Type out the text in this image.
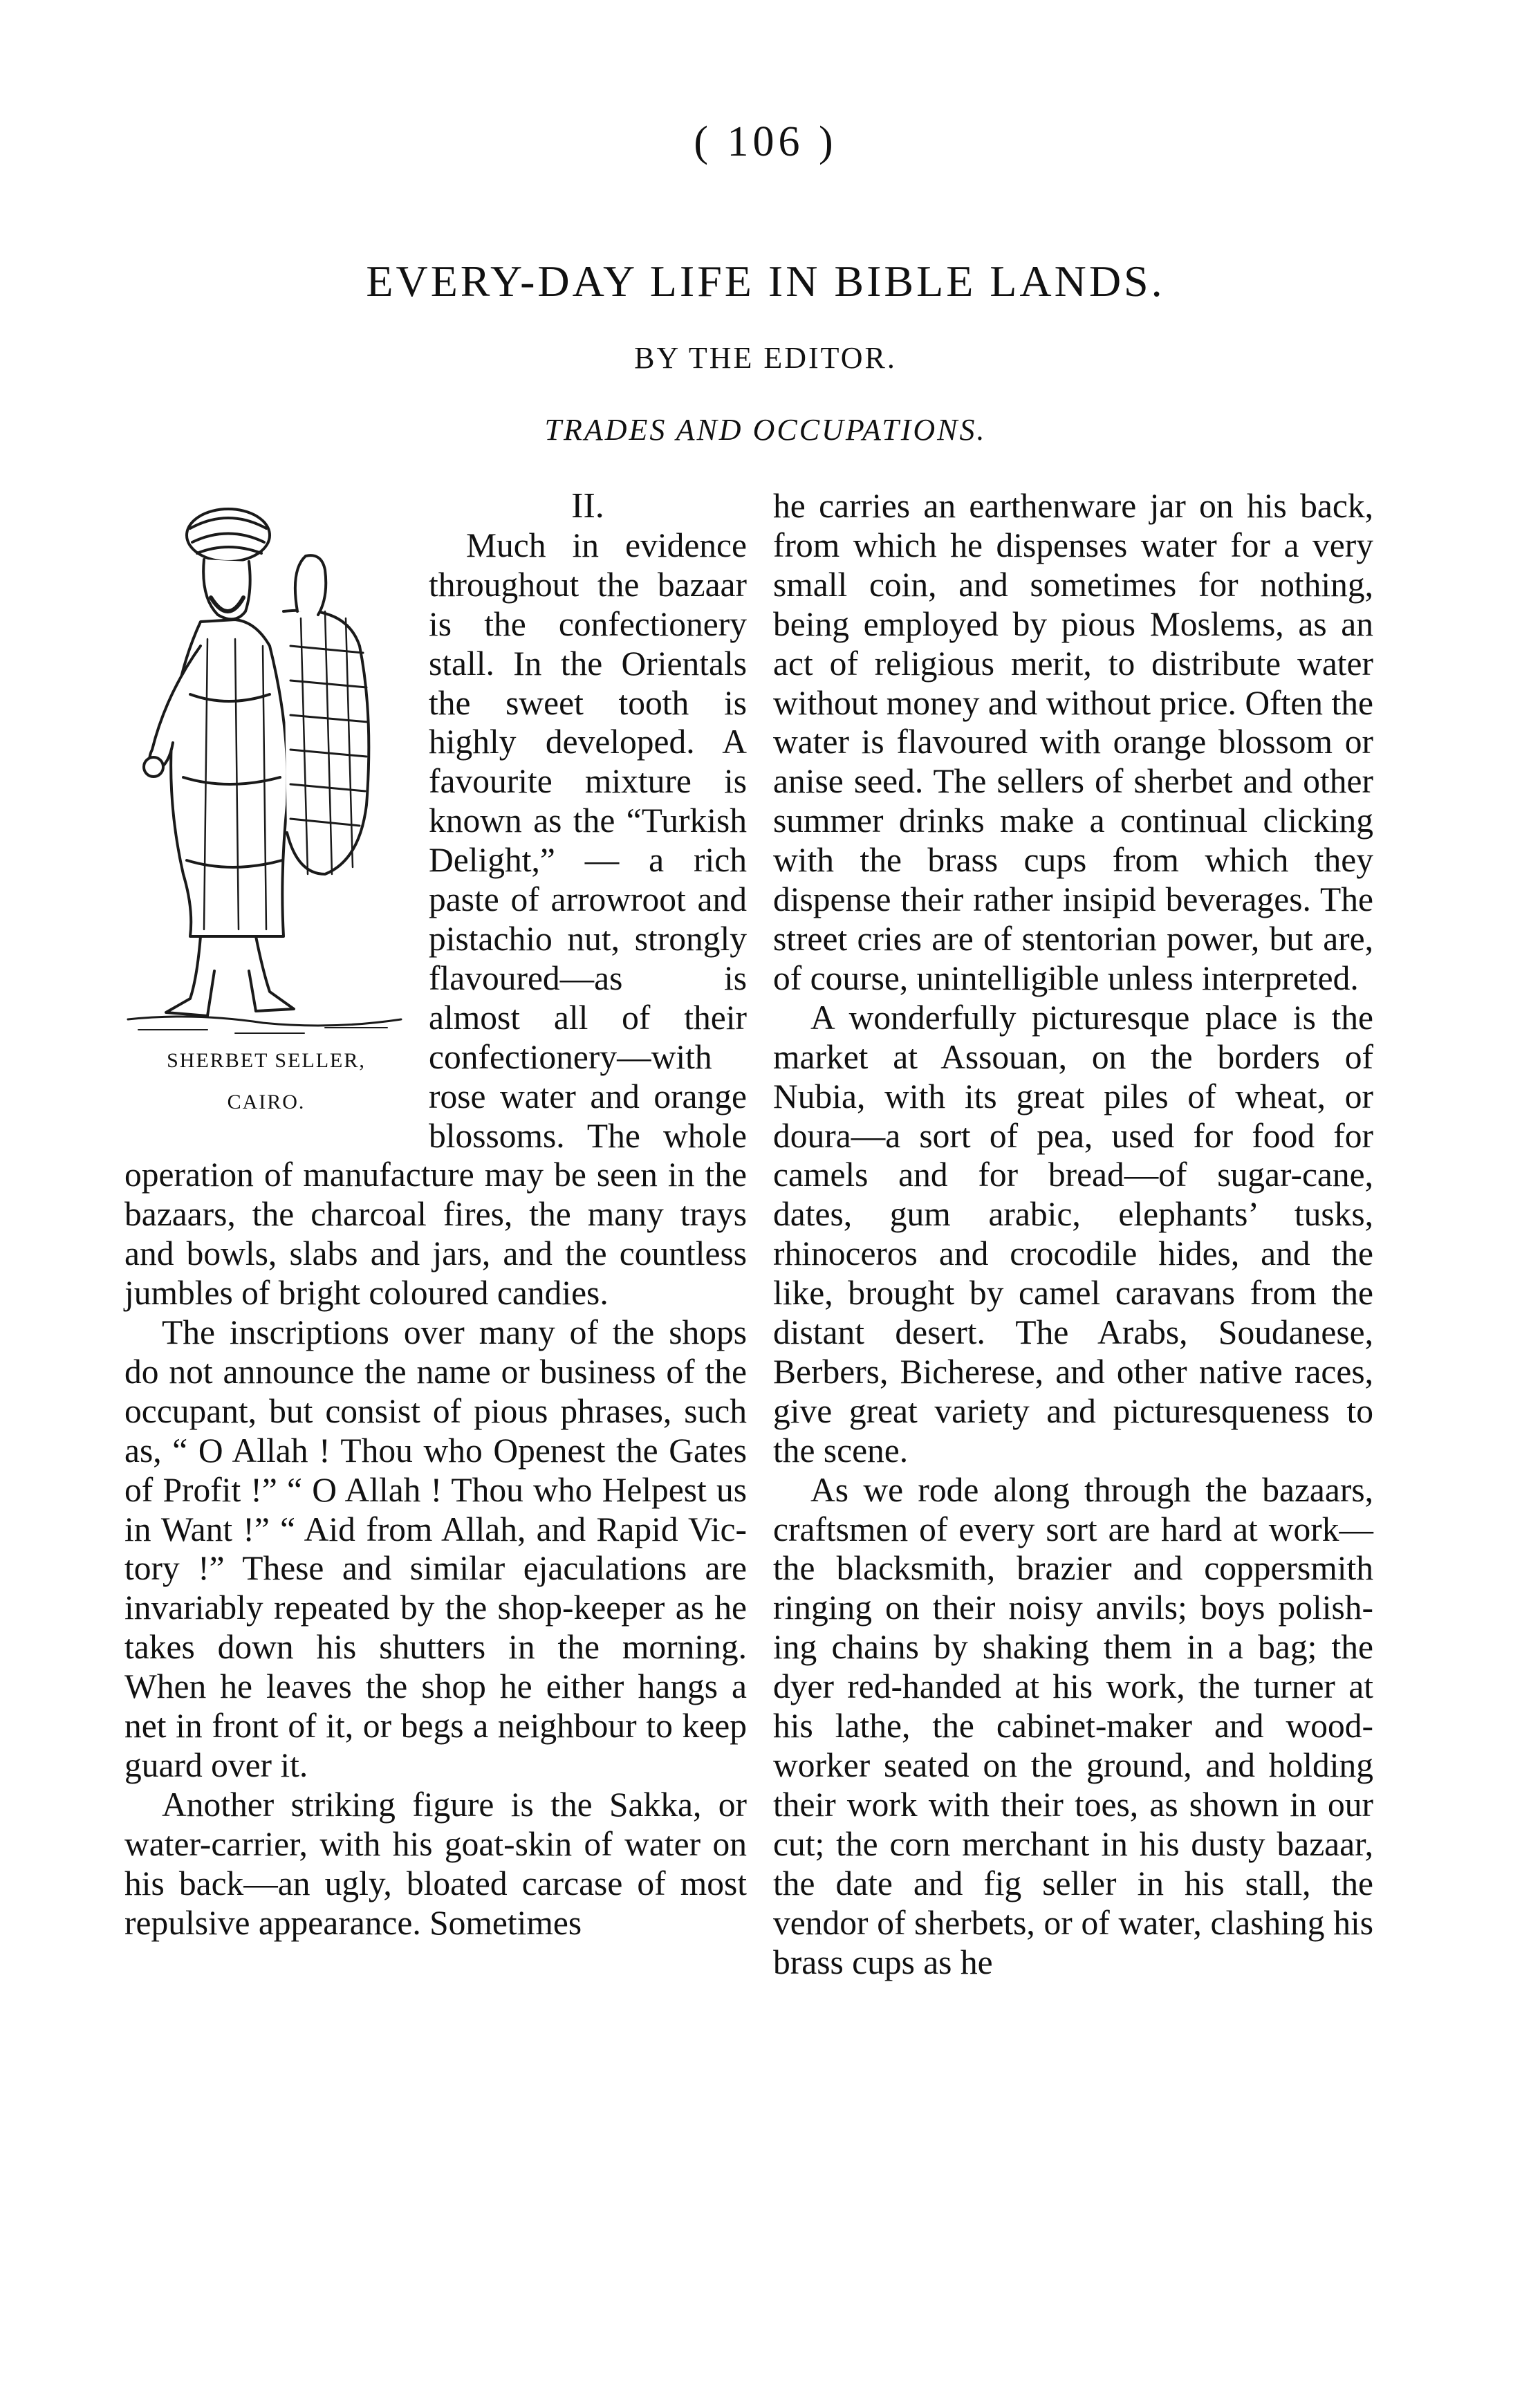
( 106 )
EVERY-DAY LIFE IN BIBLE LANDS.
BY THE EDITOR.
TRADES AND OCCUPATIONS.
SHERBET SELLER,
CAIRO.

II.

Much in evidence throughout the bazaar is the confectionery stall. In the Orientals the sweet tooth is highly developed. A favourite mixture is known as the “Turkish Delight,” — a rich paste of arrowroot and pistachio nut, strongly flavoured—as is almost all of their confectionery—with rose water and orange blossoms. The whole operation of manufacture may be seen in the bazaars, the charcoal fires, the many trays and bowls, slabs and jars, and the countless jumbles of bright coloured candies.

The inscriptions over many of the shops do not announce the name or business of the occupant, but consist of pious phrases, such as, “ O Allah ! Thou who Openest the Gates of Profit !” “ O Allah ! Thou who Helpest us in Want !” “ Aid from Allah, and Rapid Victory !” These and similar ejaculations are invariably repeated by the shop-keeper as he takes down his shutters in the morning. When he leaves the shop he either hangs a net in front of it, or begs a neighbour to keep guard over it.

Another striking figure is the Sakka, or water-carrier, with his goat-skin of water on his back—an ugly, bloated carcase of most repulsive appearance. Sometimes

he carries an earthenware jar on his back, from which he dispenses water for a very small coin, and sometimes for nothing, being employed by pious Moslems, as an act of religious merit, to distribute water without money and without price. Often the water is flavoured with orange blossom or anise seed. The sellers of sherbet and other summer drinks make a continual clicking with the brass cups from which they dispense their rather insipid beverages. The street cries are of stentorian power, but are, of course, unintelligible unless interpreted.

A wonderfully picturesque place is the market at Assouan, on the borders of Nubia, with its great piles of wheat, or doura—a sort of pea, used for food for camels and for bread—of sugar-cane, dates, gum arabic, elephants’ tusks, rhinoceros and crocodile hides, and the like, brought by camel caravans from the distant desert. The Arabs, Soudanese, Berbers, Bicherese, and other native races, give great variety and picturesqueness to the scene.

As we rode along through the bazaars, craftsmen of every sort are hard at work—the blacksmith, brazier and coppersmith ringing on their noisy anvils; boys polishing chains by shaking them in a bag; the dyer red-handed at his work, the turner at his lathe, the cabinet-maker and wood-worker seated on the ground, and holding their work with their toes, as shown in our cut; the corn merchant in his dusty bazaar, the date and fig seller in his stall, the vendor of sherbets, or of water, clashing his brass cups as he
